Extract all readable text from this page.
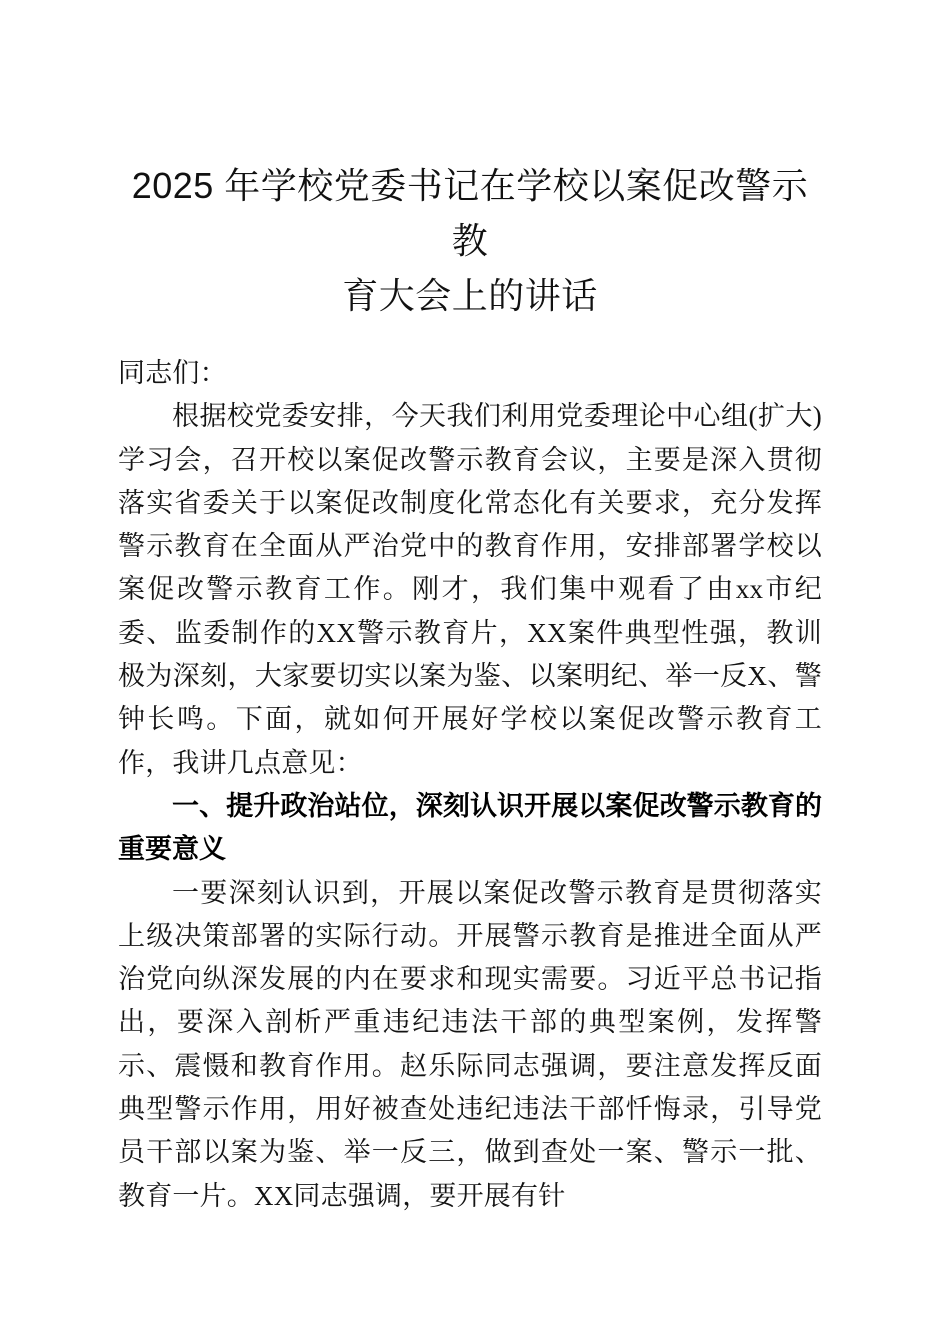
2025 年学校党委书记在学校以案促改警示教
育大会上的讲话

同志们：

根据校党委安排，今天我们利用党委理论中心组(扩大)学习会，召开校以案促改警示教育会议，主要是深入贯彻落实省委关于以案促改制度化常态化有关要求，充分发挥警示教育在全面从严治党中的教育作用，安排部署学校以案促改警示教育工作。刚才，我们集中观看了由xx市纪委、监委制作的XX警示教育片，XX案件典型性强，教训极为深刻，大家要切实以案为鉴、以案明纪、举一反X、警钟长鸣。下面，就如何开展好学校以案促改警示教育工作，我讲几点意见：

一、提升政治站位，深刻认识开展以案促改警示教育的重要意义

一要深刻认识到，开展以案促改警示教育是贯彻落实上级决策部署的实际行动。开展警示教育是推进全面从严治党向纵深发展的内在要求和现实需要。习近平总书记指出，要深入剖析严重违纪违法干部的典型案例，发挥警示、震慑和教育作用。赵乐际同志强调，要注意发挥反面典型警示作用，用好被查处违纪违法干部忏悔录，引导党员干部以案为鉴、举一反三，做到查处一案、警示一批、教育一片。XX同志强调，要开展有针
